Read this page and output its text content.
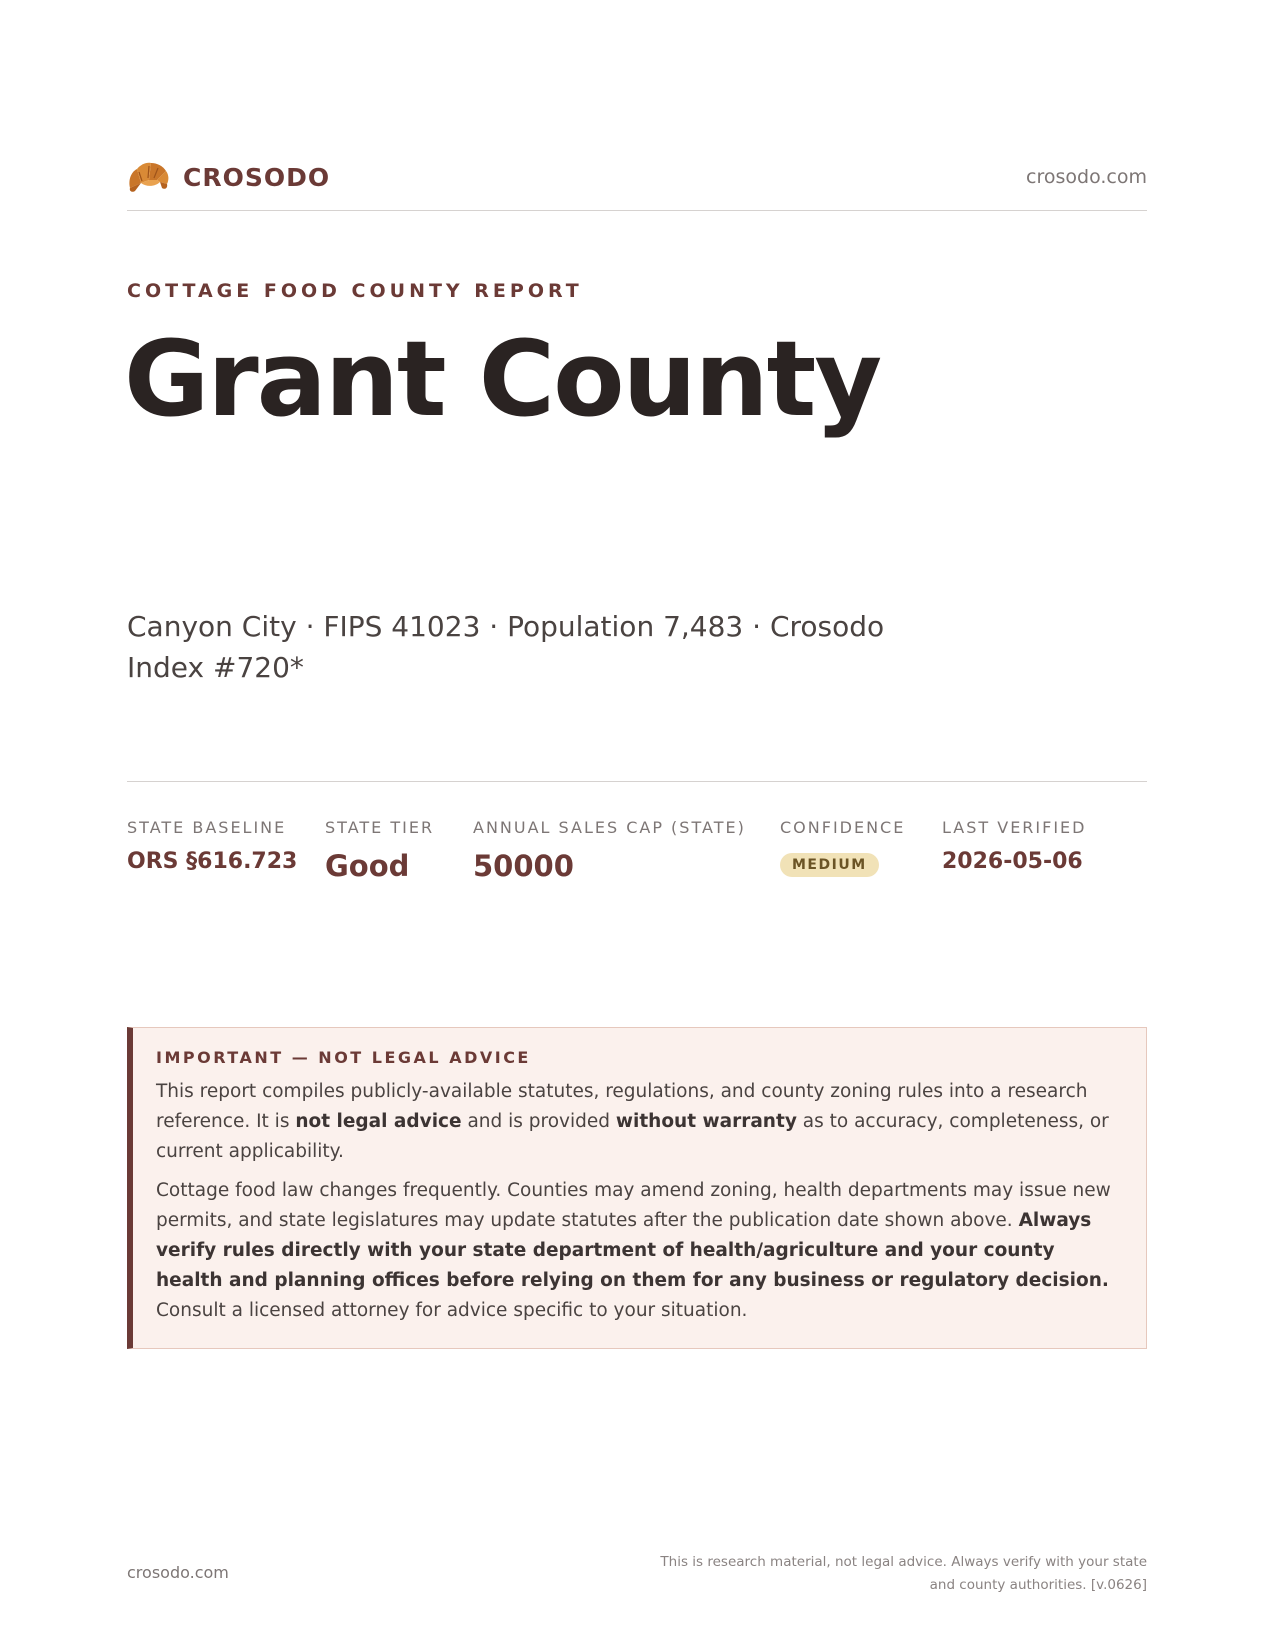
CROSODO	crosodo.com
COTTAGE FOOD COUNTY REPORT
Grant County
Canyon City · FIPS 41023 · Population 7,483 · Crosodo Index #720*
STATE BASELINE
ORS §616.723
STATE TIER
Good
ANNUAL SALES CAP (STATE)
50000
CONFIDENCE
MEDIUM
LAST VERIFIED
2026-05-06
IMPORTANT — NOT LEGAL ADVICE

This report compiles publicly-available statutes, regulations, and county zoning rules into a research reference. It is not legal advice and is provided without warranty as to accuracy, completeness, or current applicability.

Cottage food law changes frequently. Counties may amend zoning, health departments may issue new permits, and state legislatures may update statutes after the publication date shown above. Always verify rules directly with your state department of health/agriculture and your county health and planning offices before relying on them for any business or regulatory decision. Consult a licensed attorney for advice specific to your situation.

crosodo.com
This is research material, not legal advice. Always verify with your state
and county authorities. [v.0626]
